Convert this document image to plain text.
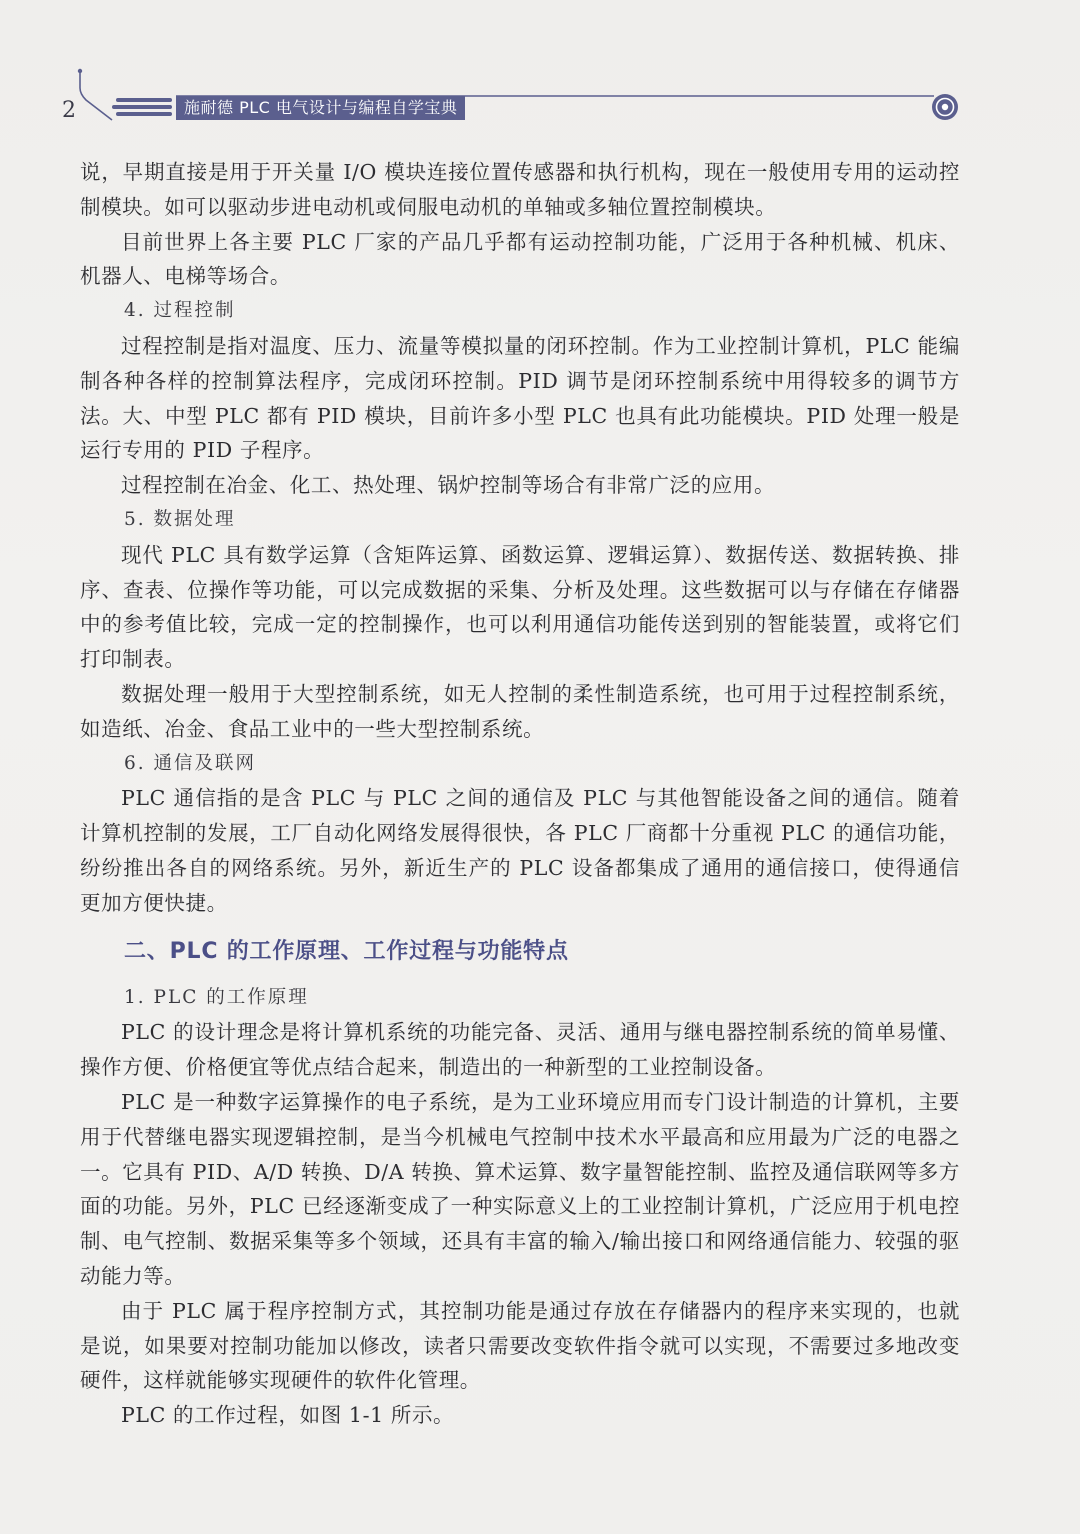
2	施耐德 PLC 电气设计与编程自学宝典

说，早期直接是用于开关量 I/O 模块连接位置传感器和执行机构，现在一般使用专用的运动控制模块。如可以驱动步进电动机或伺服电动机的单轴或多轴位置控制模块。

目前世界上各主要 PLC 厂家的产品几乎都有运动控制功能，广泛用于各种机械、机床、机器人、电梯等场合。

4. 过程控制

过程控制是指对温度、压力、流量等模拟量的闭环控制。作为工业控制计算机，PLC 能编制各种各样的控制算法程序，完成闭环控制。PID 调节是闭环控制系统中用得较多的调节方法。大、中型 PLC 都有 PID 模块，目前许多小型 PLC 也具有此功能模块。PID 处理一般是运行专用的 PID 子程序。

过程控制在冶金、化工、热处理、锅炉控制等场合有非常广泛的应用。

5. 数据处理

现代 PLC 具有数学运算（含矩阵运算、函数运算、逻辑运算）、数据传送、数据转换、排序、查表、位操作等功能，可以完成数据的采集、分析及处理。这些数据可以与存储在存储器中的参考值比较，完成一定的控制操作，也可以利用通信功能传送到别的智能装置，或将它们打印制表。

数据处理一般用于大型控制系统，如无人控制的柔性制造系统，也可用于过程控制系统，如造纸、冶金、食品工业中的一些大型控制系统。

6. 通信及联网

PLC 通信指的是含 PLC 与 PLC 之间的通信及 PLC 与其他智能设备之间的通信。随着计算机控制的发展，工厂自动化网络发展得很快，各 PLC 厂商都十分重视 PLC 的通信功能，纷纷推出各自的网络系统。另外，新近生产的 PLC 设备都集成了通用的通信接口，使得通信更加方便快捷。

二、PLC 的工作原理、工作过程与功能特点

1. PLC 的工作原理

PLC 的设计理念是将计算机系统的功能完备、灵活、通用与继电器控制系统的简单易懂、操作方便、价格便宜等优点结合起来，制造出的一种新型的工业控制设备。

PLC 是一种数字运算操作的电子系统，是为工业环境应用而专门设计制造的计算机，主要用于代替继电器实现逻辑控制，是当今机械电气控制中技术水平最高和应用最为广泛的电器之一。它具有 PID、A/D 转换、D/A 转换、算术运算、数字量智能控制、监控及通信联网等多方面的功能。另外，PLC 已经逐渐变成了一种实际意义上的工业控制计算机，广泛应用于机电控制、电气控制、数据采集等多个领域，还具有丰富的输入/输出接口和网络通信能力、较强的驱动能力等。

由于 PLC 属于程序控制方式，其控制功能是通过存放在存储器内的程序来实现的，也就是说，如果要对控制功能加以修改，读者只需要改变软件指令就可以实现，不需要过多地改变硬件，这样就能够实现硬件的软件化管理。

PLC 的工作过程，如图 1-1 所示。
